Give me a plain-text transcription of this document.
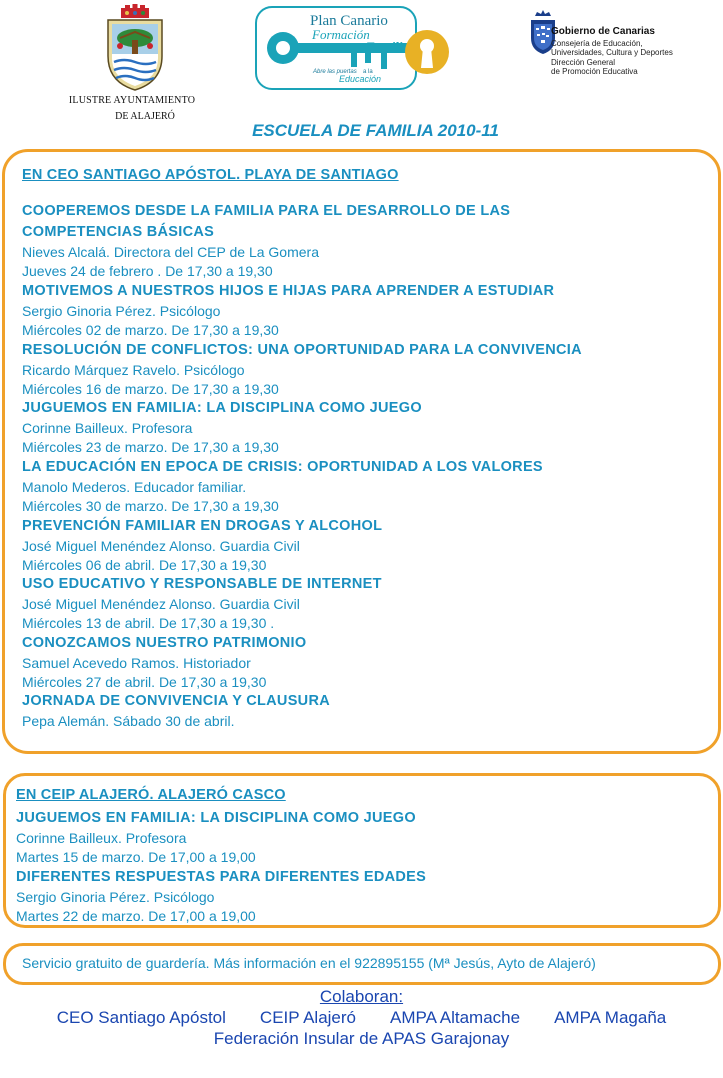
ILUSTRE AYUNTAMIENTO
DE ALAJERÓ
Plan Canario
Formación
Abre las puertas a la
Educación
Gobierno de Canarias
Consejería de Educación,
Universidades, Cultura y Deportes
Dirección General
de Promoción Educativa
ESCUELA DE FAMILIA 2010-11
EN CEO SANTIAGO APÓSTOL. PLAYA DE SANTIAGO
COOPEREMOS DESDE LA FAMILIA PARA EL DESARROLLO DE LAS
COMPETENCIAS BÁSICAS
Nieves Alcalá. Directora del CEP de La Gomera
Jueves 24 de febrero . De 17,30 a 19,30
MOTIVEMOS A NUESTROS HIJOS E HIJAS PARA APRENDER A ESTUDIAR
Sergio Ginoria Pérez. Psicólogo
Miércoles 02 de marzo. De 17,30 a 19,30
RESOLUCIÓN DE CONFLICTOS: UNA OPORTUNIDAD PARA LA CONVIVENCIA
Ricardo Márquez Ravelo. Psicólogo
Miércoles 16 de marzo. De 17,30 a 19,30
JUGUEMOS EN FAMILIA: LA DISCIPLINA COMO JUEGO
Corinne Bailleux. Profesora
Miércoles 23 de marzo. De 17,30 a 19,30
LA EDUCACIÓN EN EPOCA DE CRISIS: OPORTUNIDAD A LOS VALORES
Manolo Mederos. Educador familiar.
Miércoles 30 de marzo. De 17,30 a 19,30
PREVENCIÓN FAMILIAR EN DROGAS Y ALCOHOL
José Miguel Menéndez Alonso. Guardia Civil
Miércoles 06 de abril. De 17,30 a 19,30
USO EDUCATIVO Y RESPONSABLE DE INTERNET
José Miguel Menéndez Alonso. Guardia Civil
Miércoles 13 de abril. De 17,30 a 19,30 .
CONOZCAMOS NUESTRO PATRIMONIO
Samuel Acevedo Ramos. Historiador
Miércoles 27 de abril. De 17,30 a 19,30
JORNADA DE CONVIVENCIA Y CLAUSURA
Pepa Alemán. Sábado 30 de abril.
EN CEIP ALAJERÓ. ALAJERÓ CASCO
JUGUEMOS EN FAMILIA: LA DISCIPLINA COMO JUEGO
Corinne Bailleux. Profesora
Martes 15 de marzo. De 17,00 a 19,00
DIFERENTES RESPUESTAS PARA DIFERENTES EDADES
Sergio Ginoria Pérez. Psicólogo
Martes 22 de marzo. De 17,00 a 19,00
Servicio gratuito de guardería. Más información en el 922895155 (Mª Jesús, Ayto de Alajeró)
Colaboran:
CEO Santiago Apóstol CEIP Alajeró AMPA Altamache AMPA Magaña
Federación Insular de APAS Garajonay
